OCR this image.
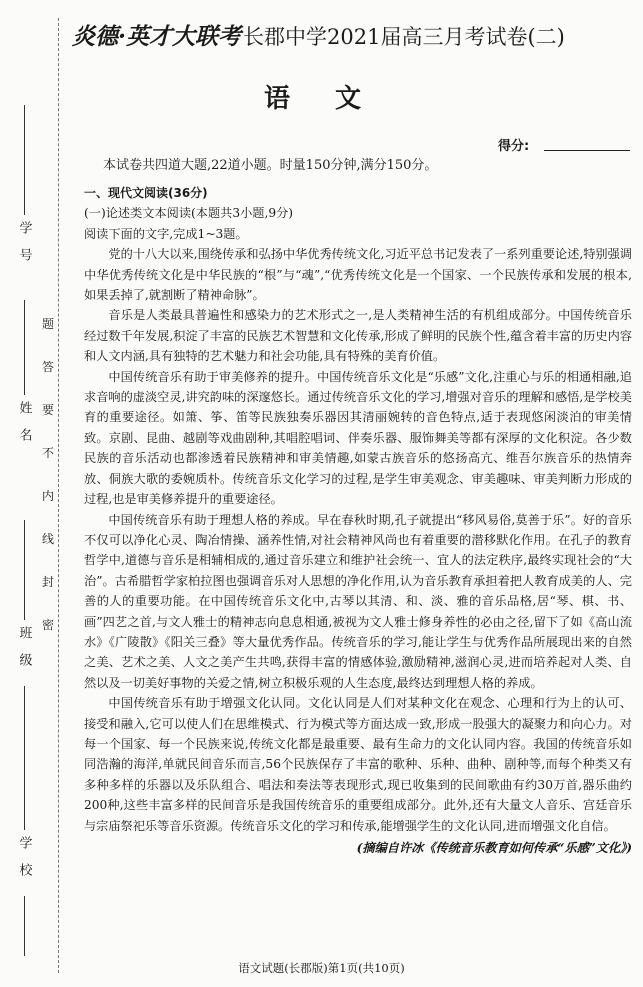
学号
姓名
班级
学校
题
答
要
不
内
线
封
密
炎德·英才大联考 长郡中学2021届高三月考试卷(二)
语 文
得分:
本试卷共四道大题,22道小题。时量150分钟,满分150分。

一、现代文阅读(36分)

(一)论述类文本阅读(本题共3小题,9分)

阅读下面的文字,完成1~3题。

党的十八大以来,围绕传承和弘扬中华优秀传统文化,习近平总书记发表了一系列重要论述,特别强调中华优秀传统文化是中华民族的“根”与“魂”,“优秀传统文化是一个国家、一个民族传承和发展的根本,如果丢掉了,就割断了精神命脉”。

音乐是人类最具普遍性和感染力的艺术形式之一,是人类精神生活的有机组成部分。中国传统音乐经过数千年发展,积淀了丰富的民族艺术智慧和文化传承,形成了鲜明的民族个性,蕴含着丰富的历史内容和人文内涵,具有独特的艺术魅力和社会功能,具有特殊的美育价值。

中国传统音乐有助于审美修养的提升。中国传统音乐文化是“乐感”文化,注重心与乐的相通相融,追求音响的虚淡空灵,讲究韵味的深邃悠长。通过传统音乐文化的学习,增强对音乐的理解和感悟,是学校美育的重要途径。如箫、筝、笛等民族独奏乐器因其清丽婉转的音色特点,适于表现悠闲淡泊的审美情致。京剧、昆曲、越剧等戏曲剧种,其唱腔唱词、伴奏乐器、服饰舞美等都有深厚的文化积淀。各少数民族的音乐活动也都渗透着民族精神和审美情趣,如蒙古族音乐的悠扬高亢、维吾尔族音乐的热情奔放、侗族大歌的委婉质朴。传统音乐文化学习的过程,是学生审美观念、审美趣味、审美判断力形成的过程,也是审美修养提升的重要途径。

中国传统音乐有助于理想人格的养成。早在春秋时期,孔子就提出“移风易俗,莫善于乐”。好的音乐不仅可以净化心灵、陶冶情操、涵养性情,对社会精神风尚也有着重要的潜移默化作用。在孔子的教育哲学中,道德与音乐是相辅相成的,通过音乐建立和维护社会统一、宜人的法定秩序,最终实现社会的“大治”。古希腊哲学家柏拉图也强调音乐对人思想的净化作用,认为音乐教育承担着把人教育成美的人、完善的人的重要功能。在中国传统音乐文化中,古琴以其清、和、淡、雅的音乐品格,居“琴、棋、书、画”四艺之首,与文人雅士的精神志向息息相通,被视为文人雅士修身养性的必由之径,留下了如《高山流水》《广陵散》《阳关三叠》等大量优秀作品。传统音乐的学习,能让学生与优秀作品所展现出来的自然之美、艺术之美、人文之美产生共鸣,获得丰富的情感体验,激励精神,滋润心灵,进而培养起对人类、自然以及一切美好事物的关爱之情,树立积极乐观的人生态度,最终达到理想人格的养成。

中国传统音乐有助于增强文化认同。文化认同是人们对某种文化在观念、心理和行为上的认可、接受和融入,它可以使人们在思维模式、行为模式等方面达成一致,形成一股强大的凝聚力和向心力。对每一个国家、每一个民族来说,传统文化都是最重要、最有生命力的文化认同内容。我国的传统音乐如同浩瀚的海洋,单就民间音乐而言,56个民族保存了丰富的歌种、乐种、曲种、剧种等,而每个种类又有多种多样的乐器以及乐队组合、唱法和奏法等表现形式,现已收集到的民间歌曲有约30万首,器乐曲约200种,这些丰富多样的民间音乐是我国传统音乐的重要组成部分。此外,还有大量文人音乐、宫廷音乐与宗庙祭祀乐等音乐资源。传统音乐文化的学习和传承,能增强学生的文化认同,进而增强文化自信。

(摘编自许冰《传统音乐教育如何传承“乐感”文化》)

语文试题(长郡版)第1页(共10页)
